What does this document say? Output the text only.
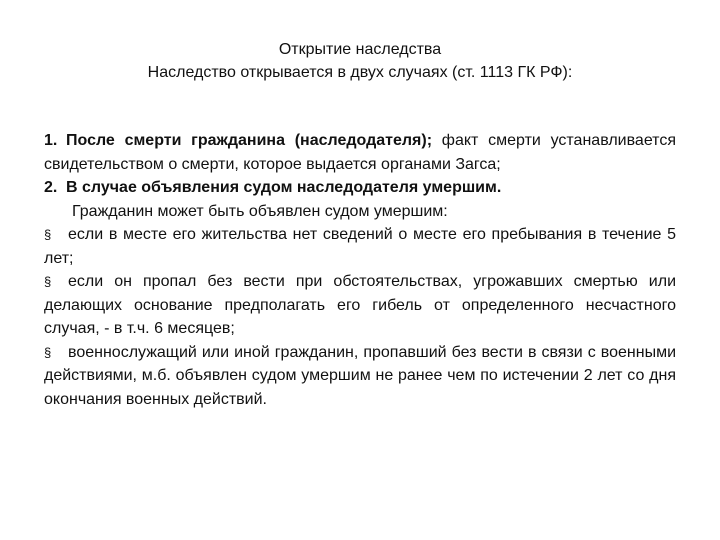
Открытие наследства
Наследство открывается в двух случаях (ст. 1113 ГК РФ):

1. После смерти гражданина (наследодателя); факт смерти устанавливается свидетельством о смерти, которое выдается органами Загса;

2. В случае объявления судом наследодателя умершим.

Гражданин может быть объявлен судом умершим:

§ если в месте его жительства нет сведений о месте его пребывания в течение 5 лет;

§ если он пропал без вести при обстоятельствах, угрожавших смертью или делающих основание предполагать его гибель от определенного несчастного случая, - в т.ч. 6 месяцев;

§ военнослужащий или иной гражданин, пропавший без вести в связи с военными действиями, м.б. объявлен судом умершим не ранее чем по истечении 2 лет со дня окончания военных действий.
